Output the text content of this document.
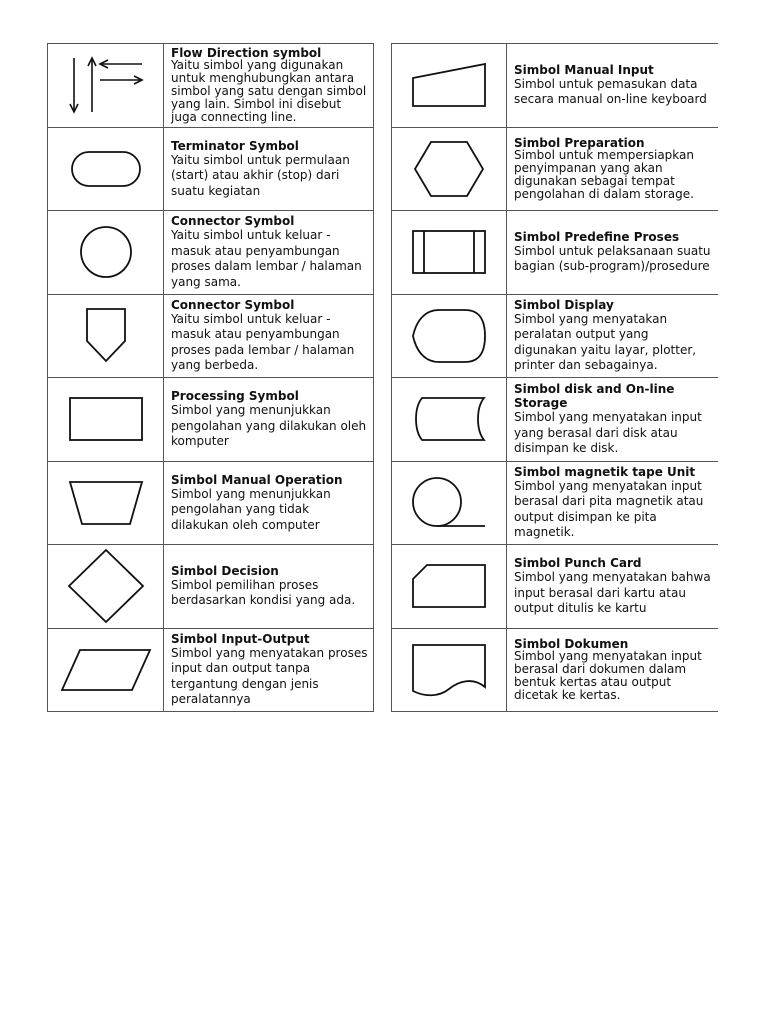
Flow Direction symbol
Yaitu simbol yang digunakan untuk menghubungkan antara simbol yang satu dengan simbol yang lain. Simbol ini disebut juga connecting line.

Terminator Symbol
Yaitu simbol untuk permulaan (start) atau akhir (stop) dari suatu kegiatan

Connector Symbol
Yaitu simbol untuk keluar - masuk atau penyambungan proses dalam lembar / halaman yang sama.

Connector Symbol
Yaitu simbol untuk keluar - masuk atau penyambungan proses pada lembar / halaman yang berbeda.

Processing Symbol
Simbol yang menunjukkan pengolahan yang dilakukan oleh komputer

Simbol Manual Operation
Simbol yang menunjukkan pengolahan yang tidak dilakukan oleh computer

Simbol Decision
Simbol pemilihan proses berdasarkan kondisi yang ada.

Simbol Input-Output
Simbol yang menyatakan proses input dan output tanpa tergantung dengan jenis peralatannya

Simbol Manual Input
Simbol untuk pemasukan data secara manual on-line keyboard

Simbol Preparation
Simbol untuk mempersiapkan penyimpanan yang akan digunakan sebagai tempat pengolahan di dalam storage.

Simbol Predefine Proses
Simbol untuk pelaksanaan suatu bagian (sub-program)/prosedure

Simbol Display
Simbol yang menyatakan peralatan output yang digunakan yaitu layar, plotter, printer dan sebagainya.

Simbol disk and On-line Storage
Simbol yang menyatakan input yang berasal dari disk atau disimpan ke disk.

Simbol magnetik tape Unit
Simbol yang menyatakan input berasal dari pita magnetik atau output disimpan ke pita magnetik.

Simbol Punch Card
Simbol yang menyatakan bahwa input berasal dari kartu atau output ditulis ke kartu

Simbol Dokumen
Simbol yang menyatakan input berasal dari dokumen dalam bentuk kertas atau output dicetak ke kertas.
